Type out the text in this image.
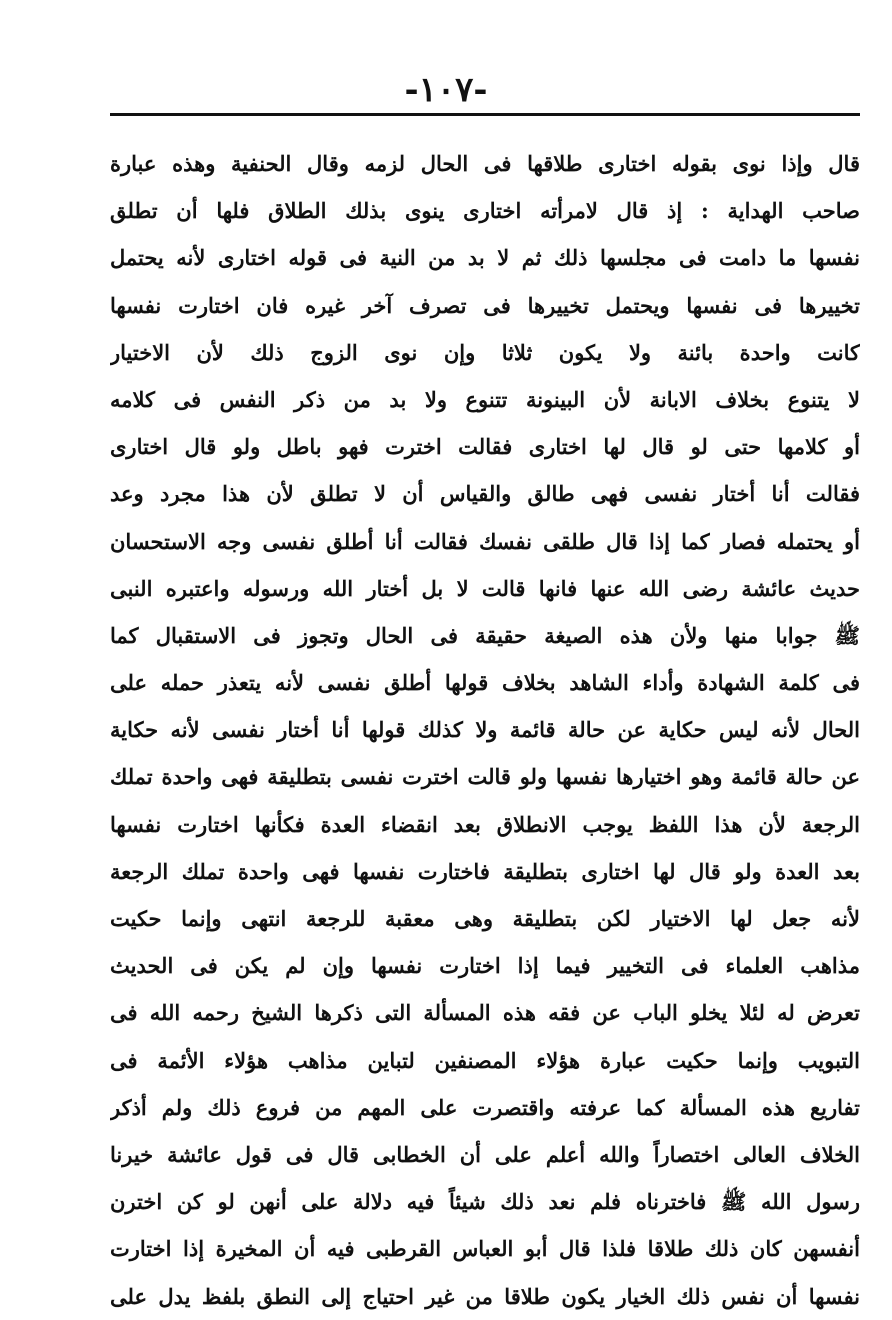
-١٠٧-
قال وإذا نوى بقوله اختارى طلاقها فى الحال لزمه وقال الحنفية وهذه عبارة
صاحب الهداية : إذ قال لامرأته اختارى ينوى بذلك الطلاق فلها أن تطلق
نفسها ما دامت فى مجلسها ذلك ثم لا بد من النية فى قوله اختارى لأنه يحتمل
تخييرها فى نفسها ويحتمل تخييرها فى تصرف آخر غيره فان اختارت نفسها
كانت واحدة بائنة ولا يكون ثلاثا وإن نوى الزوج ذلك لأن الاختيار
لا يتنوع بخلاف الابانة لأن البينونة تتنوع ولا بد من ذكر النفس فى كلامه
أو كلامها حتى لو قال لها اختارى فقالت اخترت فهو باطل ولو قال اختارى
فقالت أنا أختار نفسى فهى طالق والقياس أن لا تطلق لأن هذا مجرد وعد
أو يحتمله فصار كما إذا قال طلقى نفسك فقالت أنا أطلق نفسى وجه الاستحسان
حديث عائشة رضى الله عنها فانها قالت لا بل أختار الله ورسوله واعتبره النبى
ﷺ جوابا منها ولأن هذه الصيغة حقيقة فى الحال وتجوز فى الاستقبال كما
فى كلمة الشهادة وأداء الشاهد بخلاف قولها أطلق نفسى لأنه يتعذر حمله على
الحال لأنه ليس حكاية عن حالة قائمة ولا كذلك قولها أنا أختار نفسى لأنه حكاية
عن حالة قائمة وهو اختيارها نفسها ولو قالت اخترت نفسى بتطليقة فهى واحدة تملك
الرجعة لأن هذا اللفظ يوجب الانطلاق بعد انقضاء العدة فكأنها اختارت نفسها
بعد العدة ولو قال لها اختارى بتطليقة فاختارت نفسها فهى واحدة تملك الرجعة
لأنه جعل لها الاختيار لكن بتطليقة وهى معقبة للرجعة انتهى وإنما حكيت
مذاهب العلماء فى التخيير فيما إذا اختارت نفسها وإن لم يكن فى الحديث
تعرض له لئلا يخلو الباب عن فقه هذه المسألة التى ذكرها الشيخ رحمه الله فى
التبويب وإنما حكيت عبارة هؤلاء المصنفين لتباين مذاهب هؤلاء الأئمة فى
تفاريع هذه المسألة كما عرفته واقتصرت على المهم من فروع ذلك ولم أذكر
الخلاف العالى اختصاراً والله أعلم على أن الخطابى قال فى قول عائشة خيرنا
رسول الله ﷺ فاخترناه فلم نعد ذلك شيئاً فيه دلالة على أنهن لو كن اخترن
أنفسهن كان ذلك طلاقا فلذا قال أبو العباس القرطبى فيه أن المخيرة إذا اختارت
نفسها أن نفس ذلك الخيار يكون طلاقا من غير احتياج إلى النطق بلفظ يدل على
